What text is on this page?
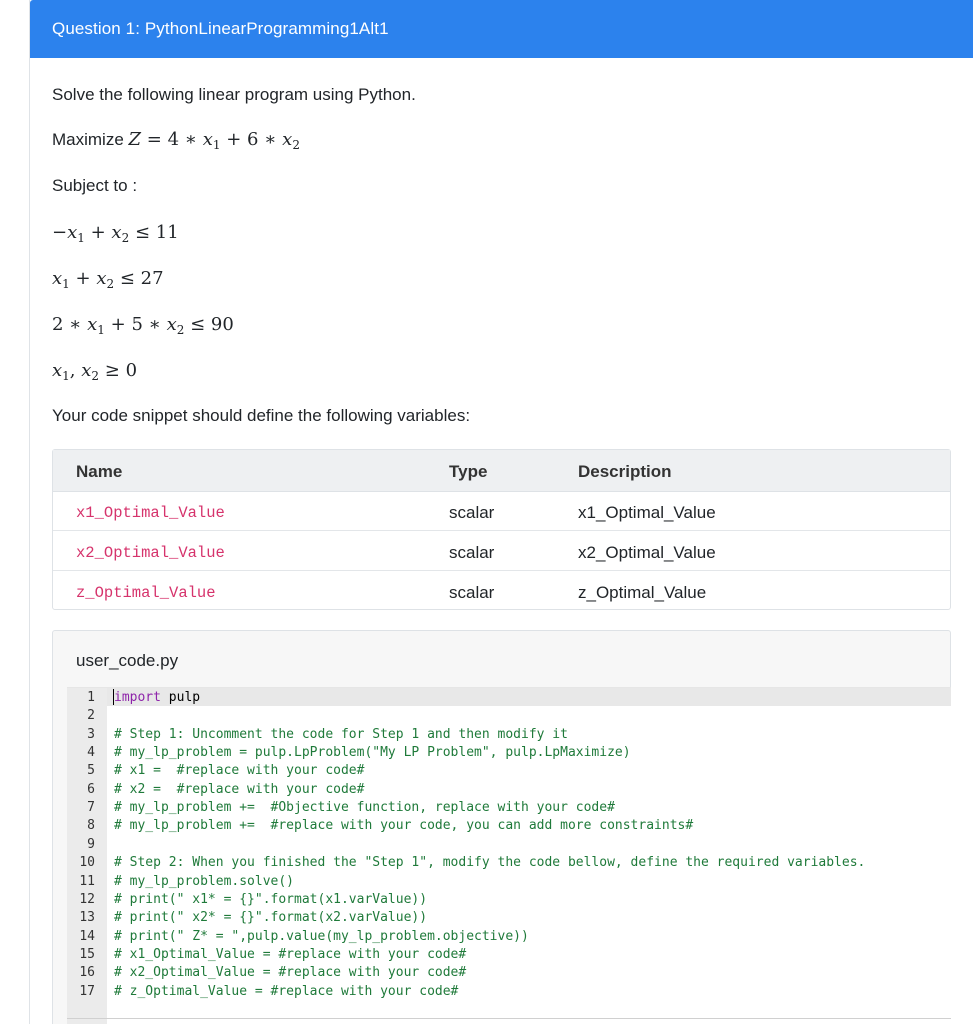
Question 1: PythonLinearProgramming1Alt1
Solve the following linear program using Python.
Maximize Z = 4 ∗ $x_1 + 6$ ∗ $x_2$
Subject to :
$-x_1 + x_2 \le 11$
$x_1 + x_2 \le 27$
2 ∗ $x_1 + 5$ ∗ $x_2 \le 90$
$x_1$, $x_2 \ge 0$
Your code snippet should define the following variables:
Name	Type	Description
x1_Optimal_Value	scalar	x1_Optimal_Value
x2_Optimal_Value	scalar	x2_Optimal_Value
z_Optimal_Value	scalar	z_Optimal_Value
user_code.py
1 import pulp
2
3 # Step 1: Uncomment the code for Step 1 and then modify it
4 # my_lp_problem = pulp.LpProblem("My LP Problem", pulp.LpMaximize)
5 # x1 =  #replace with your code#
6 # x2 =  #replace with your code#
7 # my_lp_problem +=  #Objective function, replace with your code#
8 # my_lp_problem +=  #replace with your code, you can add more constraints#
9
10 # Step 2: When you finished the "Step 1", modify the code bellow, define the required variables.
11 # my_lp_problem.solve()
12 # print(" x1* = {}".format(x1.varValue))
13 # print(" x2* = {}".format(x2.varValue))
14 # print(" Z* = ",pulp.value(my_lp_problem.objective))
15 # x1_Optimal_Value = #replace with your code#
16 # x2_Optimal_Value = #replace with your code#
17 # z_Optimal_Value = #replace with your code#
